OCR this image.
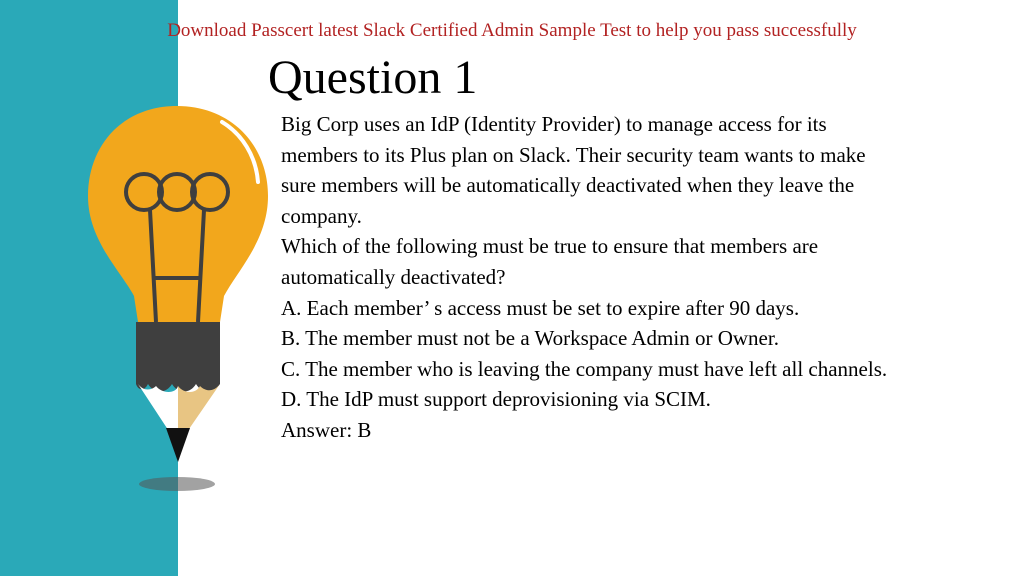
Download Passcert latest Slack Certified Admin Sample Test to help you pass successfully
Question 1

Big Corp uses an IdP (Identity Provider) to manage access for its

members to its Plus plan on Slack. Their security team wants to make

sure members will be automatically deactivated when they leave the

company.

Which of the following must be true to ensure that members are

automatically deactivated?

A. Each member’ s access must be set to expire after 90 days.

B. The member must not be a Workspace Admin or Owner.

C. The member who is leaving the company must have left all channels.

D. The IdP must support deprovisioning via SCIM.

Answer: B
